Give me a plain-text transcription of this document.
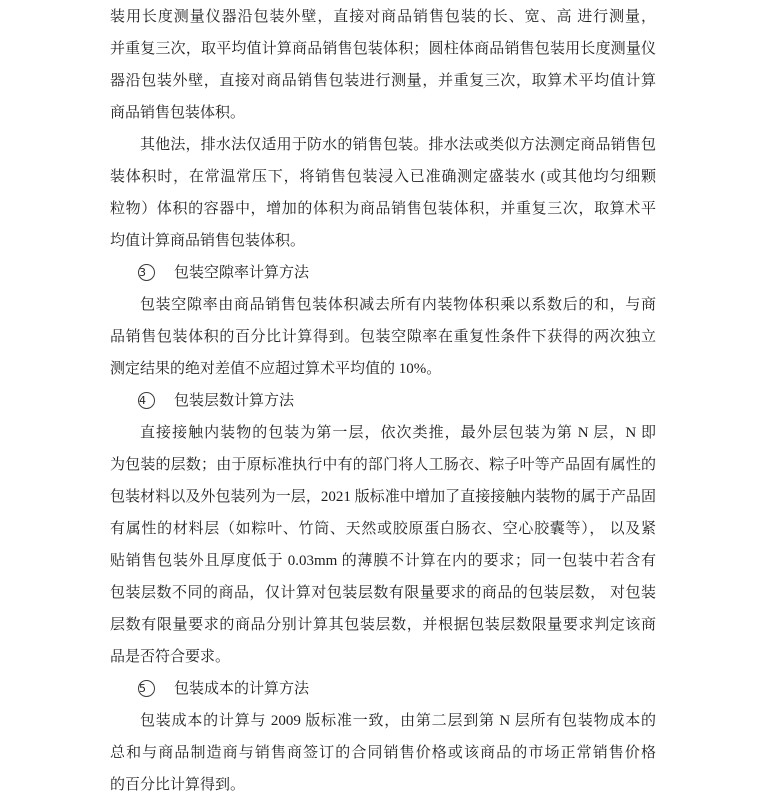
装用长度测量仪器沿包装外壁，直接对商品销售包装的长、宽、高 进行测量，
并重复三次，取平均值计算商品销售包装体积；圆柱体商品销售包装用长度测量仪
器沿包装外壁，直接对商品销售包装进行测量，并重复三次，取算术平均值计算
商品销售包装体积。
其他法，排水法仅适用于防水的销售包装。排水法或类似方法测定商品销售包
装体积时，在常温常压下，将销售包装浸入已准确测定盛装水 (或其他均匀细颗
粒物）体积的容器中，增加的体积为商品销售包装体积，并重复三次，取算术平
均值计算商品销售包装体积。
3 包装空隙率计算方法
包装空隙率由商品销售包装体积减去所有内装物体积乘以系数后的和，与商
品销售包装体积的百分比计算得到。包装空隙率在重复性条件下获得的两次独立
测定结果的绝对差值不应超过算术平均值的 10%。
4 包装层数计算方法
直接接触内装物的包装为第一层，依次类推，最外层包装为第 N 层，N 即
为包装的层数；由于原标准执行中有的部门将人工肠衣、粽子叶等产品固有属性的
包装材料以及外包装列为一层，2021 版标准中增加了直接接触内装物的属于产品固
有属性的材料层（如粽叶、竹筒、天然或胶原蛋白肠衣、空心胶囊等）， 以及紧
贴销售包装外且厚度低于 0.03mm 的薄膜不计算在内的要求；同一包装中若含有
包装层数不同的商品，仅计算对包装层数有限量要求的商品的包装层数， 对包装
层数有限量要求的商品分别计算其包装层数，并根据包装层数限量要求判定该商
品是否符合要求。
5 包装成本的计算方法
包装成本的计算与 2009 版标准一致，由第二层到第 N 层所有包装物成本的
总和与商品制造商与销售商签订的合同销售价格或该商品的市场正常销售价格
的百分比计算得到。
